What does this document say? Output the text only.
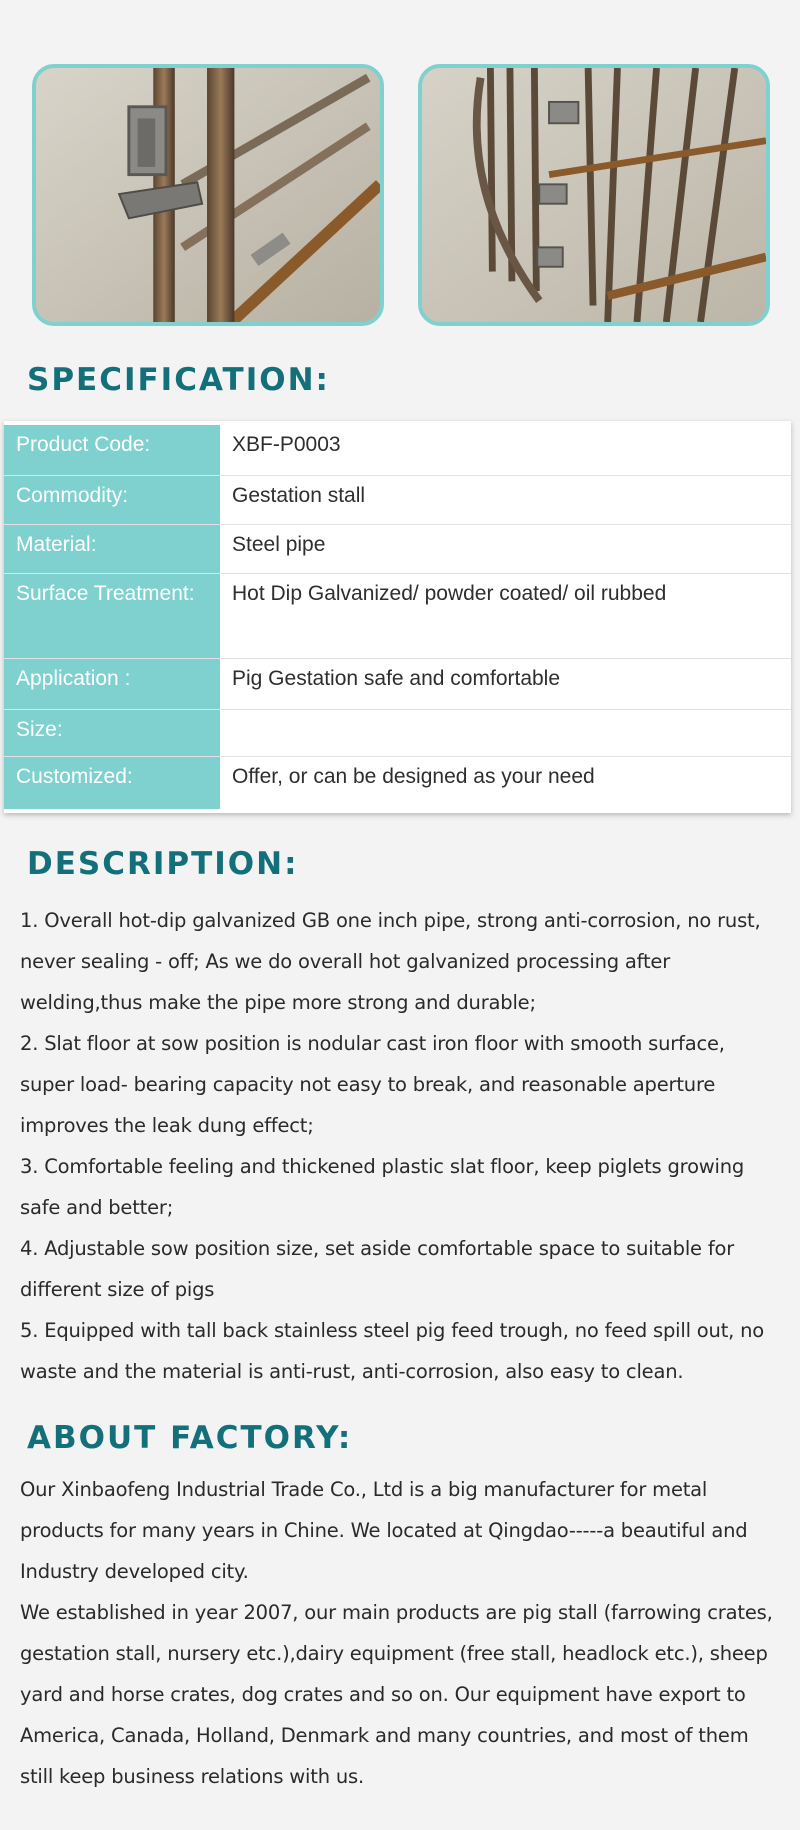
SPECIFICATION:
Product Code:	XBF-P0003
Commodity:	Gestation stall
Material:	Steel pipe
Surface Treatment:	Hot Dip Galvanized/ powder coated/ oil rubbed
Application :	Pig Gestation safe and comfortable
Size:
Customized:	Offer, or can be designed as your need
DESCRIPTION:

1. Overall hot-dip galvanized GB one inch pipe, strong anti-corrosion, no rust, never sealing - off; As we do overall hot galvanized processing after welding,thus make the pipe more strong and durable;

2. Slat floor at sow position is nodular cast iron floor with smooth surface, super load- bearing capacity not easy to break, and reasonable aperture improves the leak dung effect;

3. Comfortable feeling and thickened plastic slat floor, keep piglets growing safe and better;

4. Adjustable sow position size, set aside comfortable space to suitable for different size of pigs

5. Equipped with tall back stainless steel pig feed trough, no feed spill out, no waste and the material is anti-rust, anti-corrosion, also easy to clean.

ABOUT FACTORY:

Our Xinbaofeng Industrial Trade Co., Ltd is a big manufacturer for metal products for many years in Chine. We located at Qingdao-----a beautiful and Industry developed city.

We established in year 2007, our main products are pig stall (farrowing crates, gestation stall, nursery etc.),dairy equipment (free stall, headlock etc.), sheep yard and horse crates, dog crates and so on. Our equipment have export to America, Canada, Holland, Denmark and many countries, and most of them still keep business relations with us.
